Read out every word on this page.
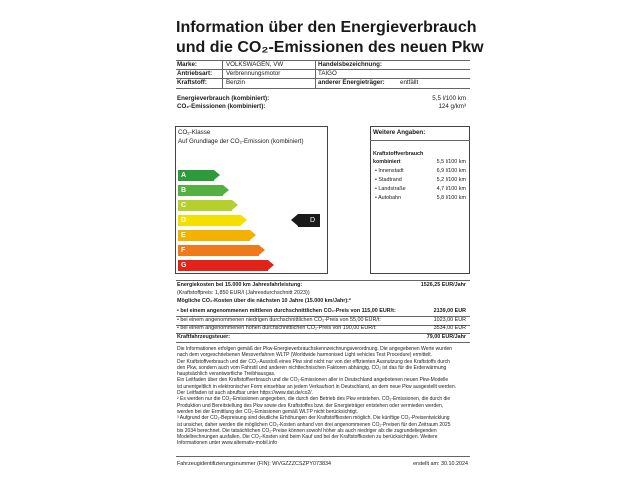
Information über den Energieverbrauch
und die CO₂-Emissionen des neuen Pkw
Marke:	VOLKSWAGEN, VW	Handelsbezeichnung:
Antriebsart: Verbrennungsmotor	TAIGO
Kraftstoff:	Benzin	anderer Energieträger: entfällt
Energieverbrauch (kombiniert):	5,5 l/100 km
CO₂-Emissionen (kombiniert):	124 g/km³
CO₂-Klasse
Auf Grundlage der CO₂-Emission (kombiniert)
A
B
C
D
E
F
G
D
Weitere Angaben:
Kraftstoffverbrauch
kombiniert	5,5 l/100 km
• Innenstadt	6,9 l/100 km
• Stadtrand	5,2 l/100 km
• Landstraße	4,7 l/100 km
• Autobahn	5,8 l/100 km
Energiekosten bei 15.000 km Jahresfahrleistung:	1526,25 EUR/Jahr
(Kraftstoffpreis: 1,850 EUR/l (Jahresdurchschnitt 2023))
Mögliche CO₂-Kosten über die nächsten 10 Jahre (15.000 km/Jahr):²
• bei einem angenommenen mittleren durchschnittlichen CO₂-Preis von 115,00 EUR/t:	2139,00 EUR
• bei einem angenommenen niedrigen durchschnittlichen CO₂-Preis von 55,00 EUR/t:	1023,00 EUR
• bei einem angenommenen hohen durchschnittlichen CO₂-Preis von 190,00 EUR/t:	3534,00 EUR
Kraftfahrzeugsteuer:	79,00 EUR/Jahr
Die Informationen erfolgen gemäß der Pkw-Energieverbrauchskennzeichnungsverordnung. Die angegebenen Werte wurden
nach dem vorgeschriebenen Messverfahren WLTP (Worldwide harmonised Light vehicles Test Procedure) ermittelt.
Der Kraftstoffverbrauch und der CO₂-Ausstoß eines Pkw sind nicht nur von der effizienten Ausnutzung des Kraftstoffs durch
den Pkw, sondern auch vom Fahrstil und anderen nichttechnischen Faktoren abhängig. CO₂ ist das für die Erderwärmung
hauptsächlich verantwortliche Treibhausgas.
Ein Leitfaden über den Kraftstoffverbrauch und die CO₂-Emissionen aller in Deutschland angebotenen neuen Pkw-Modelle
ist unentgeltlich in elektronischer Form einsehbar an jedem Verkaufsort in Deutschland, an dem neue Pkw ausgestellt werden.
Der Leitfaden ist auch abrufbar unter https://www.dat.de/co2/.
² Es werden nur die CO₂-Emissionen angegeben, die durch den Betrieb des Pkw entstehen. CO₂-Emissionen, die durch die
Produktion und Bereitstellung des Pkw sowie des Kraftstoffes bzw. der Energieträger entstehen oder vermieden werden,
werden bei der Ermittlung der CO₂-Emissionen gemäß WLTP nicht berücksichtigt.
³ Aufgrund der CO₂-Bepreisung sind deutliche Erhöhungen der Kraftstoffkosten möglich. Die künftige CO₂-Preisentwicklung
ist unsicher, daher werden die möglichen CO₂-Kosten anhand von drei angenommenen CO₂-Preisen für den Zeitraum 2025
bis 2034 berechnet. Die tatsächlichen CO₂-Preise können sowohl höher als auch niedriger als die zugrundeliegenden
Modellrechnungen ausfallen. Die CO₂-Kosten sind beim Kauf und bei der Kraftstoffkosten zu berücksichtigen. Weitere
Informationen unter www.alternativ-mobil.info
Fahrzeugidentifizierungsnummer (FIN): WVGZZZCSZPY073834	erstellt am: 30.10.2024
